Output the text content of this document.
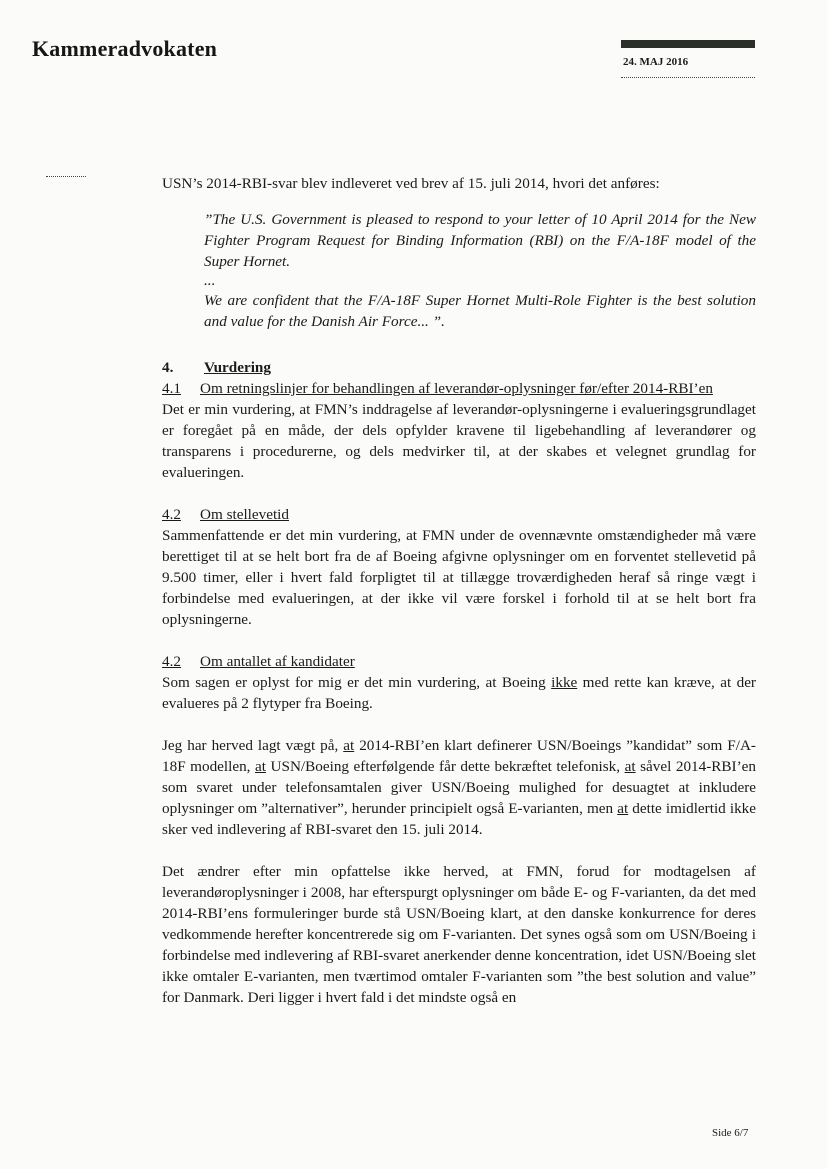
Kammeradvokaten
24. MAJ 2016

USN’s 2014-RBI-svar blev indleveret ved brev af 15. juli 2014, hvori det anføres:

”The U.S. Government is pleased to respond to your letter of 10 April 2014 for the New Fighter Program Request for Binding Information (RBI) on the F/A-18F model of the Super Hornet.

...

We are confident that the F/A-18F Super Hornet Multi-Role Fighter is the best solution and value for the Danish Air Force... ”.

4.	Vurdering
4.1 Om retningslinjer for behandlingen af leverandør-oplysninger før/efter 2014-RBI’en

Det er min vurdering, at FMN’s inddragelse af leverandør-oplysningerne i evalueringsgrundlaget er foregået på en måde, der dels opfylder kravene til ligebehandling af leverandører og transparens i procedurerne, og dels medvirker til, at der skabes et velegnet grundlag for evalueringen.

4.2 Om stellevetid

Sammenfattende er det min vurdering, at FMN under de ovennævnte omstændigheder må være berettiget til at se helt bort fra de af Boeing afgivne oplysninger om en forventet stellevetid på 9.500 timer, eller i hvert fald forpligtet til at tillægge troværdigheden heraf så ringe vægt i forbindelse med evalueringen, at der ikke vil være forskel i forhold til at se helt bort fra oplysningerne.

4.2 Om antallet af kandidater

Som sagen er oplyst for mig er det min vurdering, at Boeing ikke med rette kan kræve, at der evalueres på 2 flytyper fra Boeing.

Jeg har herved lagt vægt på, at 2014-RBI’en klart definerer USN/Boeings ”kandidat” som F/A-18F modellen, at USN/Boeing efterfølgende får dette bekræftet telefonisk, at såvel 2014-RBI’en som svaret under telefonsamtalen giver USN/Boeing mulighed for desuagtet at inkludere oplysninger om ”alternativer”, herunder principielt også E-varianten, men at dette imidlertid ikke sker ved indlevering af RBI-svaret den 15. juli 2014.

Det ændrer efter min opfattelse ikke herved, at FMN, forud for modtagelsen af leverandøroplysninger i 2008, har efterspurgt oplysninger om både E- og F-varianten, da det med 2014-RBI’ens formuleringer burde stå USN/Boeing klart, at den danske konkurrence for deres vedkommende herefter koncentrerede sig om F-varianten. Det synes også som om USN/Boeing i forbindelse med indlevering af RBI-svaret anerkender denne koncentration, idet USN/Boeing slet ikke omtaler E-varianten, men tværtimod omtaler F-varianten som ”the best solution and value” for Danmark. Deri ligger i hvert fald i det mindste også en

Side 6/7
